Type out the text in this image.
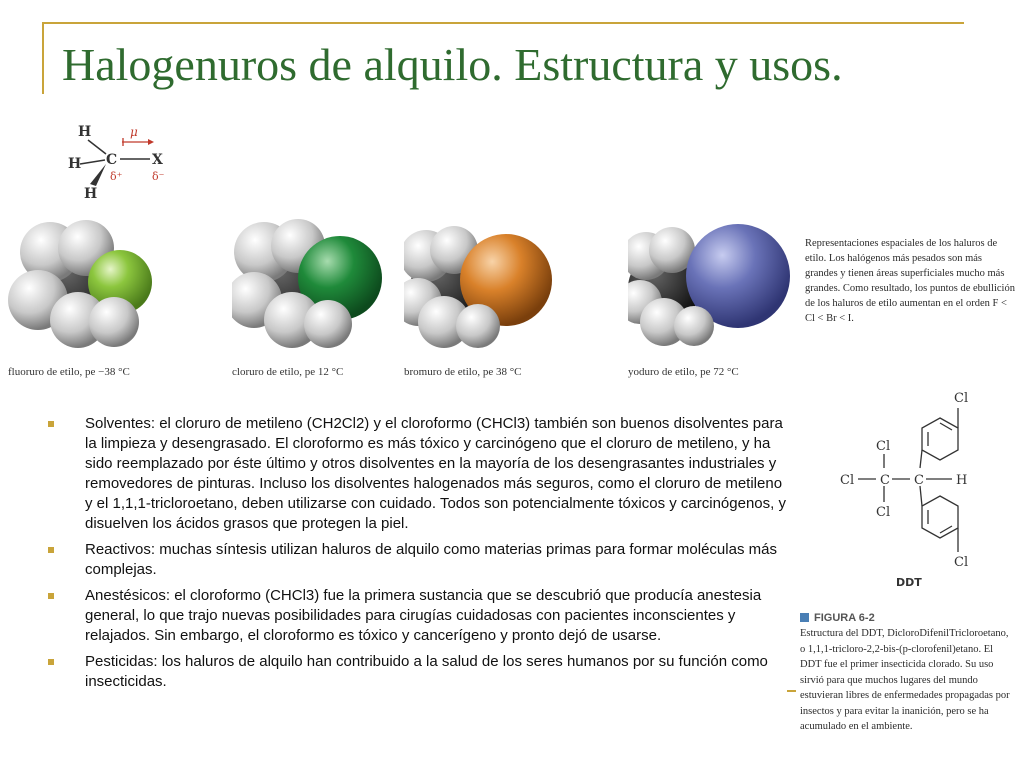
Halogenuros de alquilo. Estructura y usos.
H
H
H
C X
μ
δ⁺	δ⁻
fluoruro de etilo, pe −38 °C	cloruro de etilo, pe 12 °C	bromuro de etilo, pe 38 °C	yoduro de etilo, pe 72 °C
Representaciones espaciales de los haluros de etilo. Los halógenos más pesados son más grandes y tienen áreas superficiales mucho más grandes. Como resultado, los puntos de ebullición de los haluros de etilo aumentan en el orden F < Cl < Br < I.
Cl
Cl
Cl
Cl
Cl C C H
DDT
FIGURA 6-2
Estructura del DDT, DicloroDifenilTricloroetano, o 1,1,1-tricloro-2,2-bis-(p-clorofenil)etano. El DDT fue el primer insecticida clorado. Su uso sirvió para que muchos lugares del mundo estuvieran libres de enfermedades propagadas por insectos y para evitar la inanición, pero se ha acumulado en el ambiente.
Solventes: el cloruro de metileno (CH2Cl2) y el cloroformo (CHCl3) también son buenos disolventes para la limpieza y desengrasado. El cloroformo es más tóxico y carcinógeno que el cloruro de metileno, y ha sido reemplazado por éste último y otros disolventes en la mayoría de los desengrasantes industriales y removedores de pinturas. Incluso los disolventes halogenados más seguros, como el cloruro de metileno y el 1,1,1-tricloroetano, deben utilizarse con cuidado. Todos son potencialmente tóxicos y carcinógenos, y disuelven los ácidos grasos que protegen la piel.
Reactivos: muchas síntesis utilizan haluros de alquilo como materias primas para formar moléculas más complejas.
Anestésicos: el cloroformo (CHCl3) fue la primera sustancia que se descubrió que producía anestesia general, lo que trajo nuevas posibilidades para cirugías cuidadosas con pacientes inconscientes y relajados. Sin embargo, el cloroformo es tóxico y cancerígeno y pronto dejó de usarse.
Pesticidas: los haluros de alquilo han contribuido a la salud de los seres humanos por su función como insecticidas.
